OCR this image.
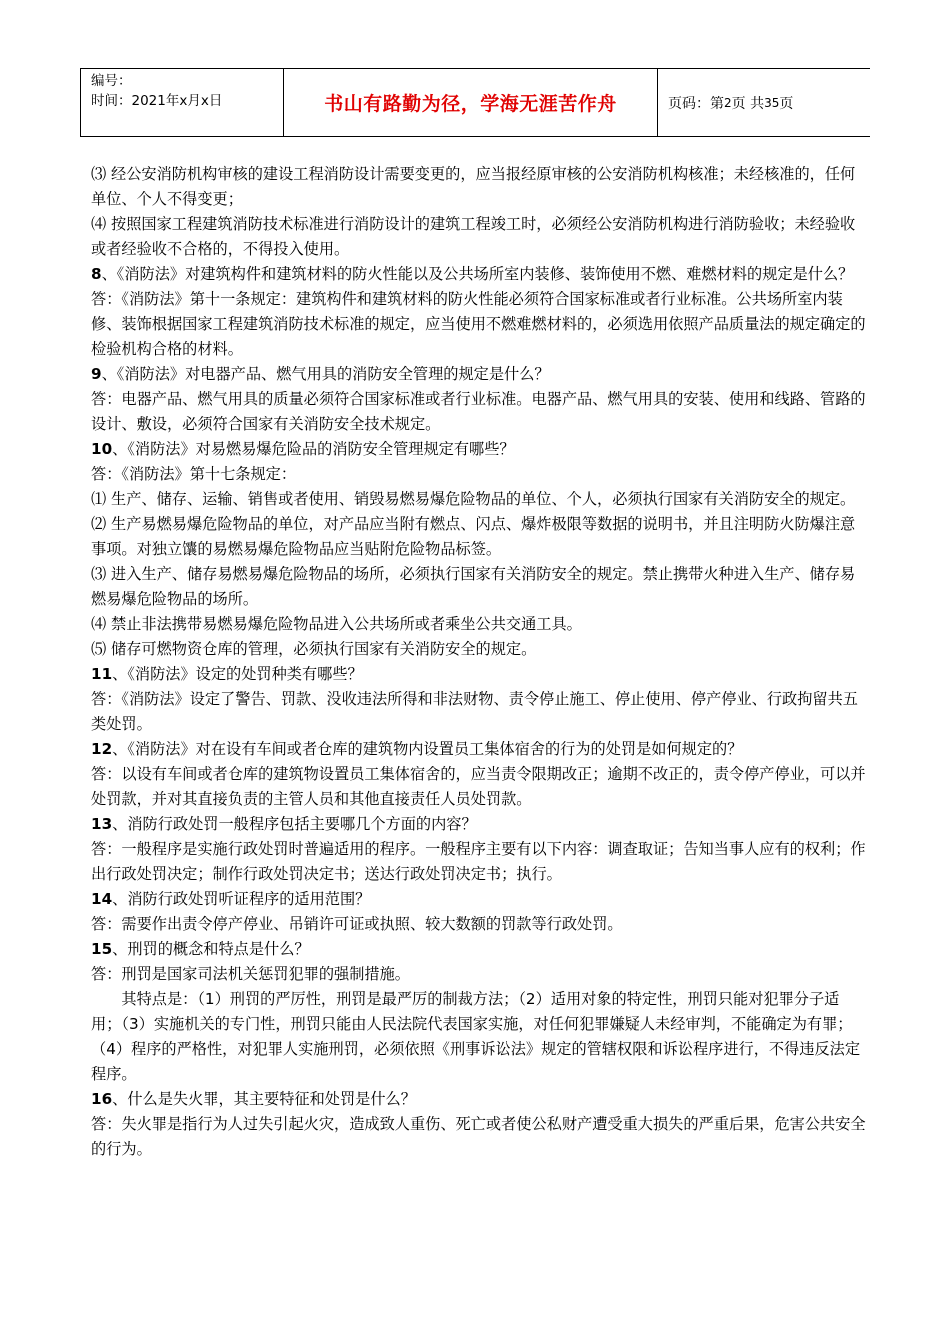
编号：
时间：2021年x月x日	书山有路勤为径，学海无涯苦作舟	页码：第 2 页 共 35 页

⑶ 经公安消防机构审核的建设工程消防设计需要变更的，应当报经原审核的公安消防机构核准；未经核准的，任何单位、个人不得变更；

⑷ 按照国家工程建筑消防技术标准进行消防设计的建筑工程竣工时，必须经公安消防机构进行消防验收；未经验收或者经验收不合格的，不得投入使用。

8、《消防法》对建筑构件和建筑材料的防火性能以及公共场所室内装修、装饰使用不燃、难燃材料的规定是什么？

答：《消防法》第十一条规定：建筑构件和建筑材料的防火性能必须符合国家标准或者行业标准。公共场所室内装修、装饰根据国家工程建筑消防技术标准的规定，应当使用不燃难燃材料的，必须选用依照产品质量法的规定确定的检验机构合格的材料。

9、《消防法》对电器产品、燃气用具的消防安全管理的规定是什么？

答：电器产品、燃气用具的质量必须符合国家标准或者行业标准。电器产品、燃气用具的安装、使用和线路、管路的设计、敷设，必须符合国家有关消防安全技术规定。

10、《消防法》对易燃易爆危险品的消防安全管理规定有哪些？

答：《消防法》第十七条规定：

⑴ 生产、储存、运输、销售或者使用、销毁易燃易爆危险物品的单位、个人，必须执行国家有关消防安全的规定。

⑵ 生产易燃易爆危险物品的单位，对产品应当附有燃点、闪点、爆炸极限等数据的说明书，并且注明防火防爆注意事项。对独立馕的易燃易爆危险物品应当贴附危险物品标签。

⑶ 进入生产、储存易燃易爆危险物品的场所，必须执行国家有关消防安全的规定。禁止携带火种进入生产、储存易燃易爆危险物品的场所。

⑷ 禁止非法携带易燃易爆危险物品进入公共场所或者乘坐公共交通工具。

⑸ 储存可燃物资仓库的管理，必须执行国家有关消防安全的规定。

11、《消防法》设定的处罚种类有哪些？

答：《消防法》设定了警告、罚款、没收违法所得和非法财物、责令停止施工、停止使用、停产停业、行政拘留共五类处罚。

12、《消防法》对在设有车间或者仓库的建筑物内设置员工集体宿舍的行为的处罚是如何规定的？

答：以设有车间或者仓库的建筑物设置员工集体宿舍的，应当责令限期改正；逾期不改正的，责令停产停业，可以并处罚款，并对其直接负责的主管人员和其他直接责任人员处罚款。

13、消防行政处罚一般程序包括主要哪几个方面的内容？

答：一般程序是实施行政处罚时普遍适用的程序。一般程序主要有以下内容：调查取证；告知当事人应有的权利；作出行政处罚决定；制作行政处罚决定书；送达行政处罚决定书；执行。

14、消防行政处罚听证程序的适用范围？

答：需要作出责令停产停业、吊销许可证或执照、较大数额的罚款等行政处罚。

15、刑罚的概念和特点是什么？

答：刑罚是国家司法机关惩罚犯罪的强制措施。

其特点是：（1）刑罚的严厉性，刑罚是最严厉的制裁方法；（2）适用对象的特定性，刑罚只能对犯罪分子适用；（3）实施机关的专门性，刑罚只能由人民法院代表国家实施，对任何犯罪嫌疑人未经审判，不能确定为有罪；（4）程序的严格性，对犯罪人实施刑罚，必须依照《刑事诉讼法》规定的管辖权限和诉讼程序进行，不得违反法定程序。

16、什么是失火罪，其主要特征和处罚是什么？

答：失火罪是指行为人过失引起火灾，造成致人重伤、死亡或者使公私财产遭受重大损失的严重后果，危害公共安全的行为。
